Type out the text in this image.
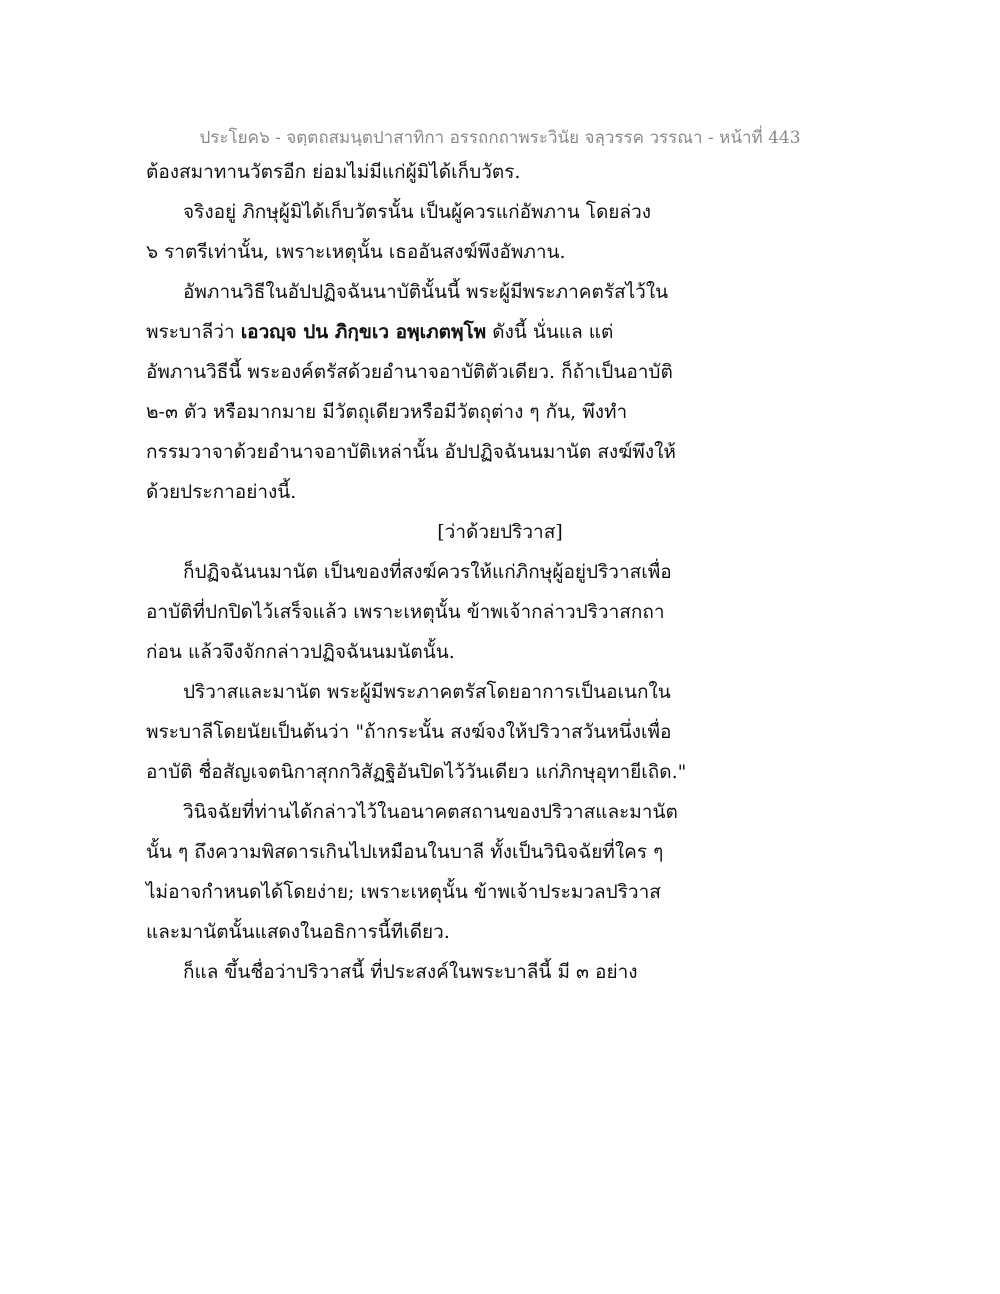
ประโยค๖ - จตฺตถสมนฺตปาสาทิกา อรรถกถาพระวินัย จลฺวรรค วรรณา - หน้าที่ 443
ต้องสมาทานวัตรอีก ย่อมไม่มีแก่ผู้มิได้เก็บวัตร.
จริงอยู่ ภิกษุผู้มิได้เก็บวัตรนั้น เป็นผู้ควรแก่อัพภาน โดยล่วง
๖ ราตรีเท่านั้น, เพราะเหตุนั้น เธออันสงฆ์พึงอัพภาน.
อัพภานวิธีในอัปปฏิจฉันนาบัตินั้นนี้ พระผู้มีพระภาคตรัสไว้ใน
พระบาลีว่า เอวญฺจ ปน ภิกฺขเว อพฺเภตพฺโพ ดังนี้ นั่นแล แต่
อัพภานวิธีนี้ พระองค์ตรัสด้วยอำนาจอาบัติตัวเดียว. ก็ถ้าเป็นอาบัติ
๒-๓ ตัว หรือมากมาย มีวัตถุเดียวหรือมีวัตถุต่าง ๆ กัน, พึงทำ
กรรมวาจาด้วยอำนาจอาบัติเหล่านั้น อัปปฏิจฉันนมานัต สงฆ์พึงให้
ด้วยประกาอย่างนี้.
[ว่าด้วยปริวาส]
ก็ปฏิจฉันนมานัต เป็นของที่สงฆ์ควรให้แก่ภิกษุผู้อยู่ปริวาสเพื่อ
อาบัติที่ปกปิดไว้เสร็จแล้ว เพราะเหตุนั้น ข้าพเจ้ากล่าวปริวาสกถา
ก่อน แล้วจึงจักกล่าวปฏิจฉันนมนัตนั้น.
ปริวาสและมานัต พระผู้มีพระภาคตรัสโดยอาการเป็นอเนกใน
พระบาลีโดยนัยเป็นต้นว่า "ถ้ากระนั้น สงฆ์จงให้ปริวาสวันหนึ่งเพื่อ
อาบัติ ชื่อสัญเจตนิกาสุกกวิสัฏฐิอันปิดไว้วันเดียว แก่ภิกษุอุทายีเถิด."
วินิจฉัยที่ท่านได้กล่าวไว้ในอนาคตสถานของปริวาสและมานัต
นั้น ๆ ถึงความพิสดารเกินไปเหมือนในบาลี ทั้งเป็นวินิจฉัยที่ใคร ๆ
ไม่อาจกำหนดได้โดยง่าย; เพราะเหตุนั้น ข้าพเจ้าประมวลปริวาส
และมานัตนั้นแสดงในอธิการนี้ทีเดียว.
ก็แล ขึ้นชื่อว่าปริวาสนี้ ที่ประสงค์ในพระบาลีนี้ มี ๓ อย่าง
